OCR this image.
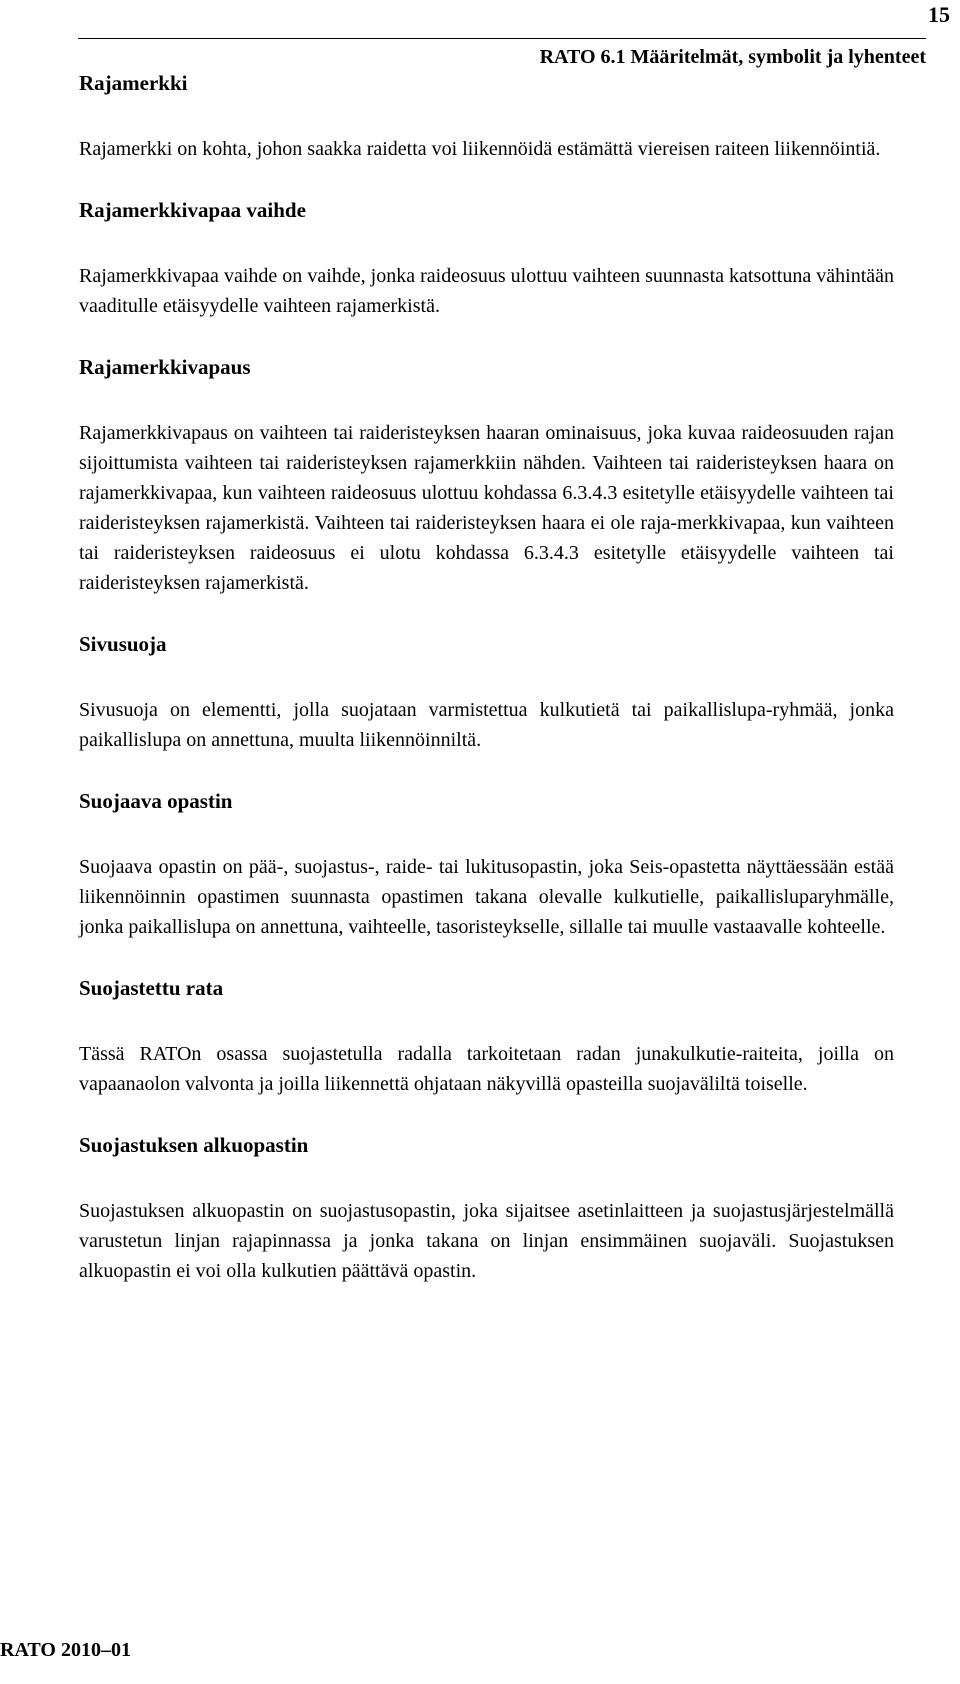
15
RATO 6.1 Määritelmät, symbolit ja lyhenteet
Rajamerkki

Rajamerkki on kohta, johon saakka raidetta voi liikennöidä estämättä viereisen raiteen liikennöintiä.

Rajamerkkivapaa vaihde

Rajamerkkivapaa vaihde on vaihde, jonka raideosuus ulottuu vaihteen suunnasta katsottuna vähintään vaaditulle etäisyydelle vaihteen rajamerkistä.

Rajamerkkivapaus

Rajamerkkivapaus on vaihteen tai raideristeyksen haaran ominaisuus, joka kuvaa raideosuuden rajan sijoittumista vaihteen tai raideristeyksen rajamerkkiin nähden. Vaihteen tai raideristeyksen haara on rajamerkkivapaa, kun vaihteen raideosuus ulottuu kohdassa 6.3.4.3 esitetylle etäisyydelle vaihteen tai raideristeyksen rajamerkistä. Vaihteen tai raideristeyksen haara ei ole raja-merkkivapaa, kun vaihteen tai raideristeyksen raideosuus ei ulotu kohdassa 6.3.4.3 esitetylle etäisyydelle vaihteen tai raideristeyksen rajamerkistä.

Sivusuoja

Sivusuoja on elementti, jolla suojataan varmistettua kulkutietä tai paikallislupa-ryhmää, jonka paikallislupa on annettuna, muulta liikennöinniltä.

Suojaava opastin

Suojaava opastin on pää-, suojastus-, raide- tai lukitusopastin, joka Seis-opastetta näyttäessään estää liikennöinnin opastimen suunnasta opastimen takana olevalle kulkutielle, paikallisluparyhmälle, jonka paikallislupa on annettuna, vaihteelle, tasoristeykselle, sillalle tai muulle vastaavalle kohteelle.

Suojastettu rata

Tässä RATOn osassa suojastetulla radalla tarkoitetaan radan junakulkutie-raiteita, joilla on vapaanaolon valvonta ja joilla liikennettä ohjataan näkyvillä opasteilla suojaväliltä toiselle.

Suojastuksen alkuopastin

Suojastuksen alkuopastin on suojastusopastin, joka sijaitsee asetinlaitteen ja suojastusjärjestelmällä varustetun linjan rajapinnassa ja jonka takana on linjan ensimmäinen suojaväli. Suojastuksen alkuopastin ei voi olla kulkutien päättävä opastin.

RATO 2010–01
